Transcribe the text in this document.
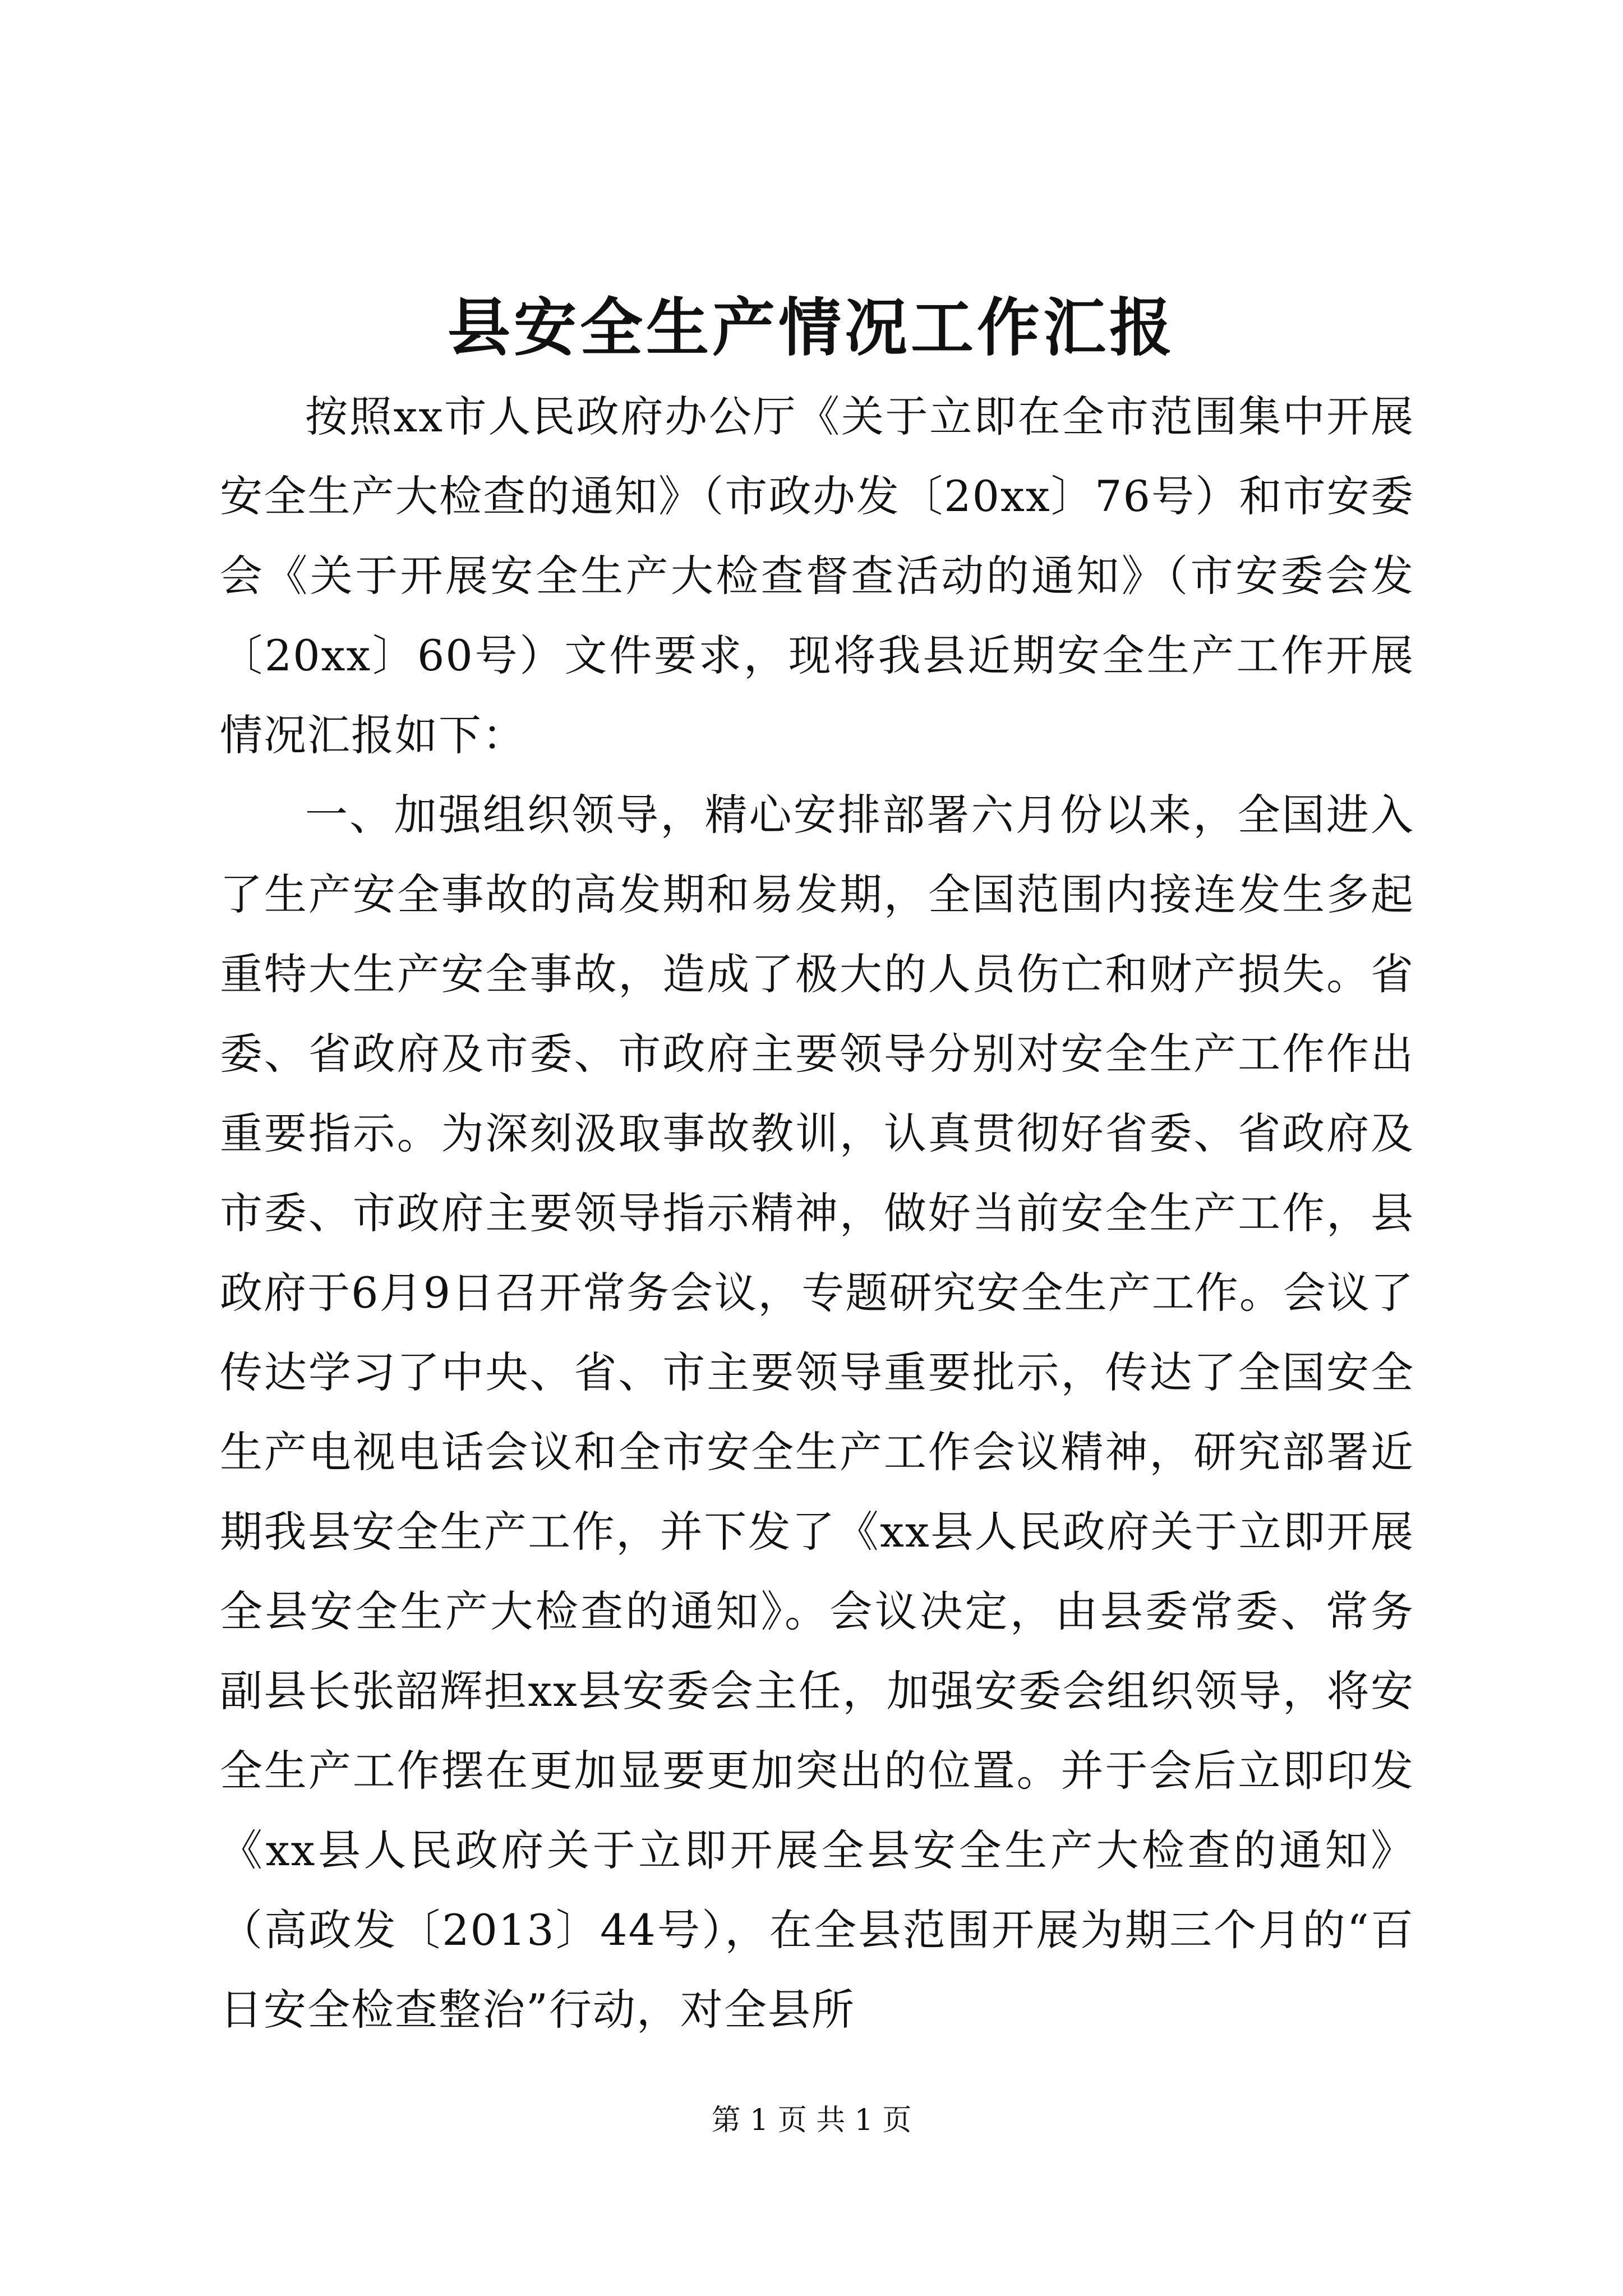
县安全生产情况工作汇报

按照xx市人民政府办公厅《关于立即在全市范围集中开展安全生产大检查的通知》（市政办发〔20xx〕76号）和市安委会《关于开展安全生产大检查督查活动的通知》（市安委会发〔20xx〕60号）文件要求，现将我县近期安全生产工作开展情况汇报如下：

一、加强组织领导，精心安排部署六月份以来，全国进入了生产安全事故的高发期和易发期，全国范围内接连发生多起重特大生产安全事故，造成了极大的人员伤亡和财产损失。省委、省政府及市委、市政府主要领导分别对安全生产工作作出重要指示。为深刻汲取事故教训，认真贯彻好省委、省政府及市委、市政府主要领导指示精神，做好当前安全生产工作，县政府于6月9日召开常务会议，专题研究安全生产工作。会议了传达学习了中央、省、市主要领导重要批示，传达了全国安全生产电视电话会议和全市安全生产工作会议精神，研究部署近期我县安全生产工作，并下发了《xx县人民政府关于立即开展全县安全生产大检查的通知》。会议决定，由县委常委、常务副县长张韶辉担xx县安委会主任，加强安委会组织领导，将安全生产工作摆在更加显要更加突出的位置。并于会后立即印发《xx县人民政府关于立即开展全县安全生产大检查的通知》（高政发〔2013〕44号），在全县范围开展为期三个月的“百日安全检查整治”行动，对全县所

第 1 页 共 1 页
